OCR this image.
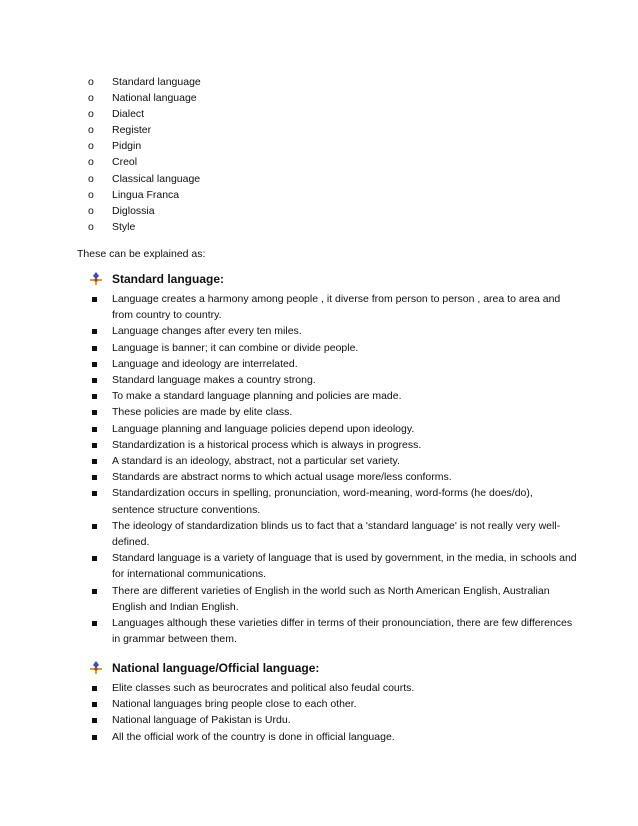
o	Standard language
o	National language
o	Dialect
o	Register
o	Pidgin
o	Creol
o	Classical language
o	Lingua Franca
o	Diglossia
o	Style
These can be explained as:
Standard language:
Language creates a harmony among people , it diverse from person to person , area to area and from country to country.
Language changes after every ten miles.
Language is banner; it can combine or divide people.
Language and ideology are interrelated.
Standard language makes a country strong.
To make a standard language planning and policies are made.
These policies are made by elite class.
Language planning and language policies depend upon ideology.
Standardization is a historical process which is always in progress.
A standard is an ideology, abstract, not a particular set variety.
Standards are abstract norms to which actual usage more/less conforms.
Standardization occurs in spelling, pronunciation, word-meaning, word-forms (he does/do), sentence structure conventions.
The ideology of standardization blinds us to fact that a 'standard language' is not really very well-defined.
Standard language is a variety of language that is used by government, in the media, in schools and for international communications.
There are different varieties of English in the world such as North American English, Australian English and Indian English.
Languages although these varieties differ in terms of their pronounciation, there are few differences in grammar between them.
National language/Official language:
Elite classes such as beurocrates and political also feudal courts.
National languages bring people close to each other.
National language of Pakistan is Urdu.
All the official work of the country is done in official language.
